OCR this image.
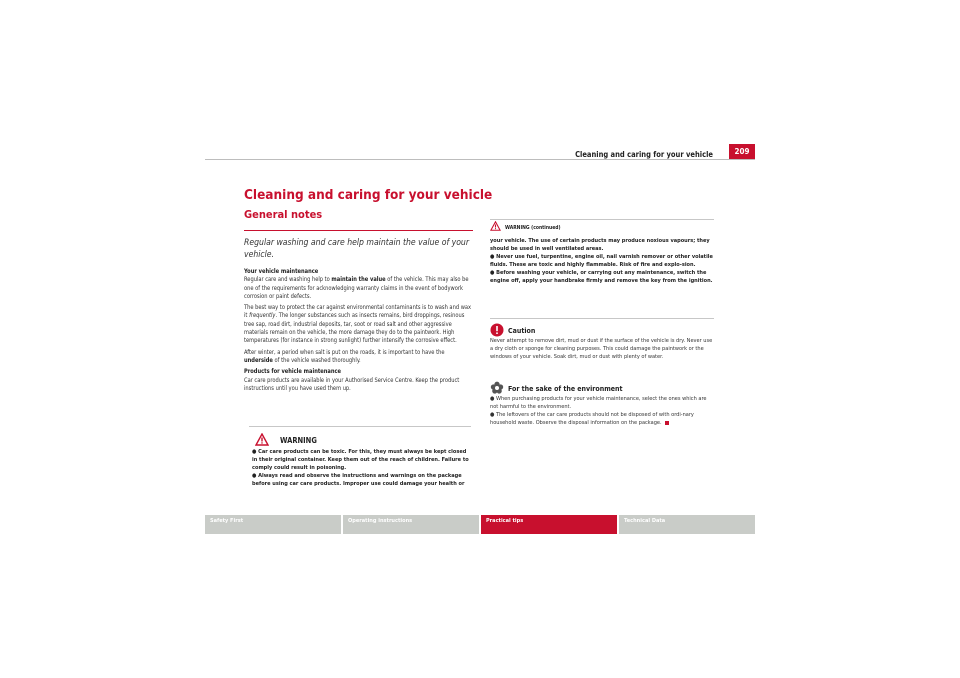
Cleaning and caring for your vehicle	209
Cleaning and caring for your vehicle
General notes
Regular washing and care help maintain the value of your vehicle.
Your vehicle maintenance

Regular care and washing help to maintain the value of the vehicle. This may also be one of the requirements for acknowledging warranty claims in the event of bodywork corrosion or paint defects.

The best way to protect the car against environmental contaminants is to wash and wax it frequently. The longer substances such as insects remains, bird droppings, resinous tree sap, road dirt, industrial deposits, tar, soot or road salt and other aggressive materials remain on the vehicle, the more damage they do to the paintwork. High temperatures (for instance in strong sunlight) further intensify the corrosive effect.

After winter, a period when salt is put on the roads, it is important to have the underside of the vehicle washed thoroughly.

Products for vehicle maintenance

Car care products are available in your Authorised Service Centre. Keep the product instructions until you have used them up.

WARNING
● Car care products can be toxic. For this, they must always be kept closed in their original container. Keep them out of the reach of children. Failure to comply could result in poisoning.
● Always read and observe the instructions and warnings on the package before using car care products. Improper use could damage your health or
WARNING (continued)
your vehicle. The use of certain products may produce noxious vapours; they should be used in well ventilated areas.
● Never use fuel, turpentine, engine oil, nail varnish remover or other volatile fluids. These are toxic and highly flammable. Risk of fire and explo-sion.
● Before washing your vehicle, or carrying out any maintenance, switch the engine off, apply your handbrake firmly and remove the key from the ignition.
Caution
Never attempt to remove dirt, mud or dust if the surface of the vehicle is dry. Never use a dry cloth or sponge for cleaning purposes. This could damage the paintwork or the windows of your vehicle. Soak dirt, mud or dust with plenty of water.
For the sake of the environment
● When purchasing products for your vehicle maintenance, select the ones which are not harmful to the environment.
● The leftovers of the car care products should not be disposed of with ordi-nary household waste. Observe the disposal information on the package.
Safety First	Operating instructions	Practical tips	Technical Data
